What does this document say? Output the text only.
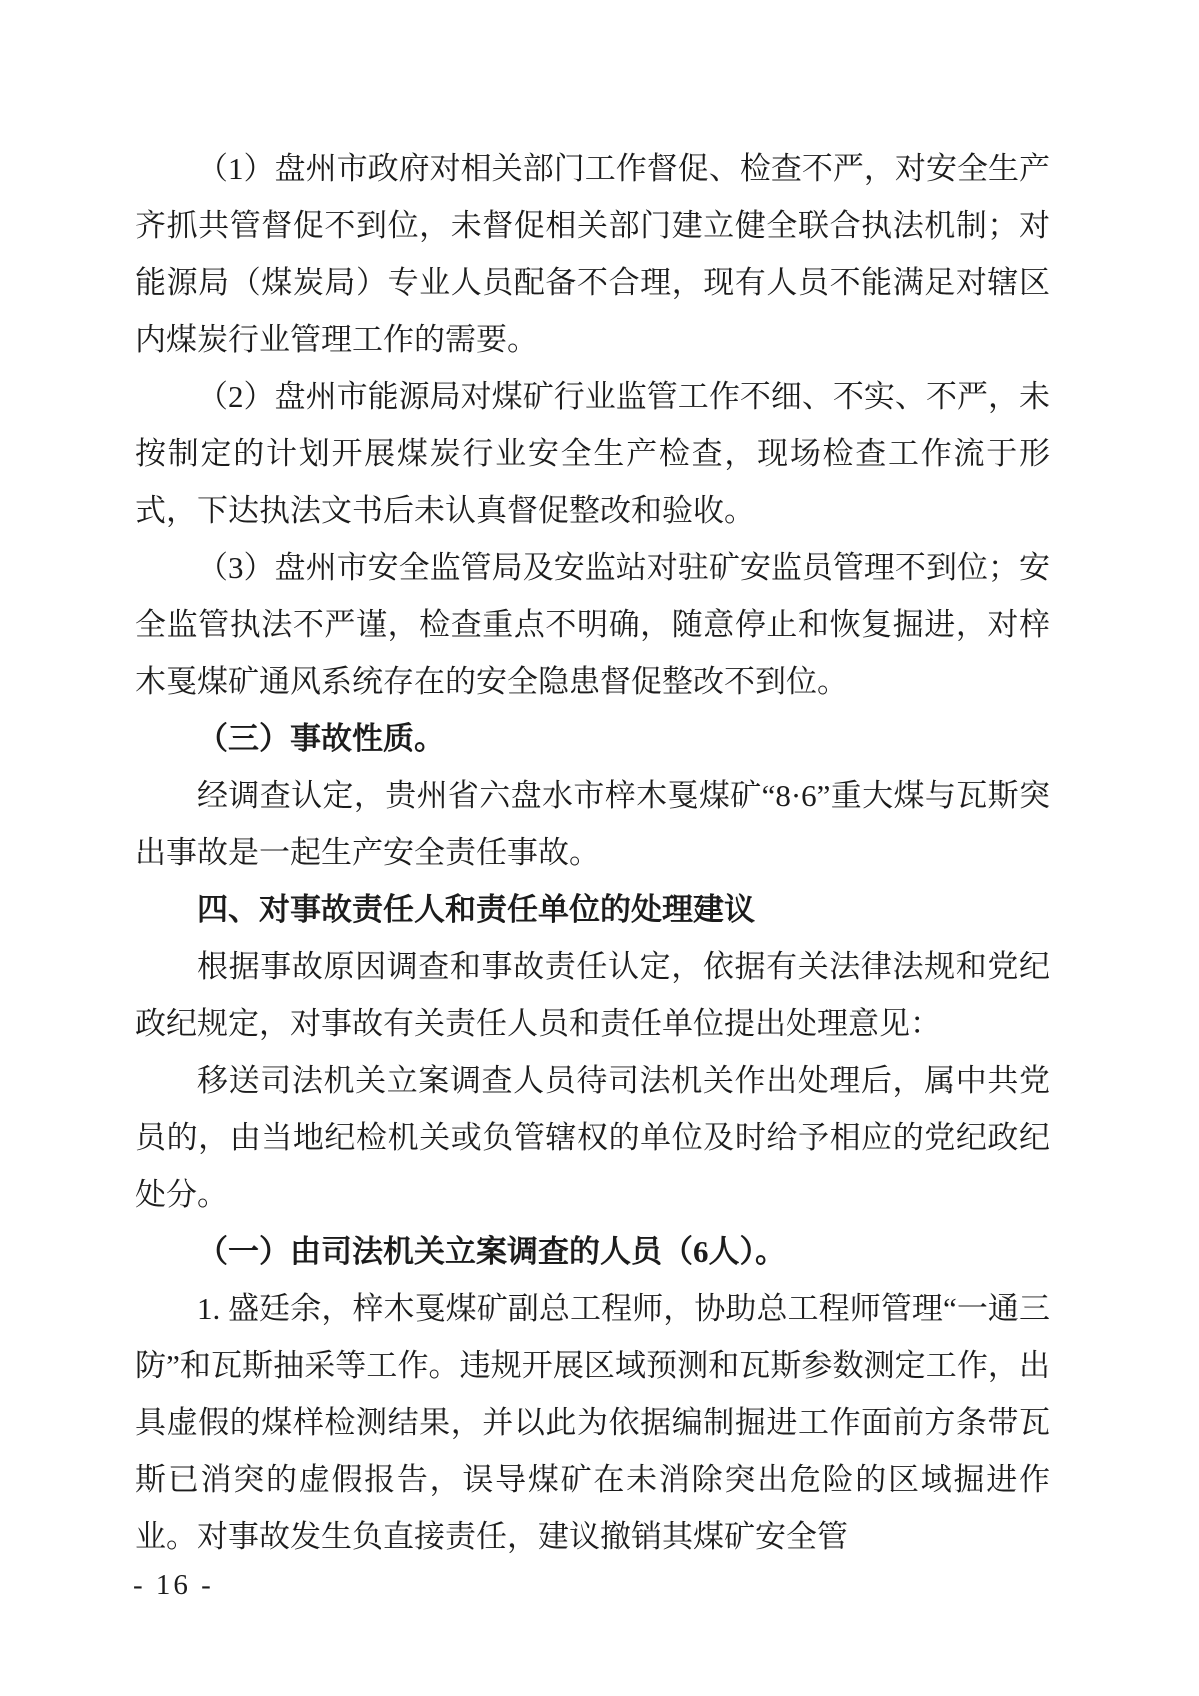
（1）盘州市政府对相关部门工作督促、检查不严，对安全生产齐抓共管督促不到位，未督促相关部门建立健全联合执法机制；对能源局（煤炭局）专业人员配备不合理，现有人员不能满足对辖区内煤炭行业管理工作的需要。

（2）盘州市能源局对煤矿行业监管工作不细、不实、不严，未按制定的计划开展煤炭行业安全生产检查，现场检查工作流于形式，下达执法文书后未认真督促整改和验收。

（3）盘州市安全监管局及安监站对驻矿安监员管理不到位；安全监管执法不严谨，检查重点不明确，随意停止和恢复掘进，对梓木戛煤矿通风系统存在的安全隐患督促整改不到位。

（三）事故性质。

经调查认定，贵州省六盘水市梓木戛煤矿“8·6”重大煤与瓦斯突出事故是一起生产安全责任事故。

四、对事故责任人和责任单位的处理建议

根据事故原因调查和事故责任认定，依据有关法律法规和党纪政纪规定，对事故有关责任人员和责任单位提出处理意见：

移送司法机关立案调查人员待司法机关作出处理后，属中共党员的，由当地纪检机关或负管辖权的单位及时给予相应的党纪政纪处分。

（一）由司法机关立案调查的人员（6人）。

1. 盛廷余，梓木戛煤矿副总工程师，协助总工程师管理“一通三防”和瓦斯抽采等工作。违规开展区域预测和瓦斯参数测定工作，出具虚假的煤样检测结果，并以此为依据编制掘进工作面前方条带瓦斯已消突的虚假报告，误导煤矿在未消除突出危险的区域掘进作业。对事故发生负直接责任，建议撤销其煤矿安全管

- 16 -
